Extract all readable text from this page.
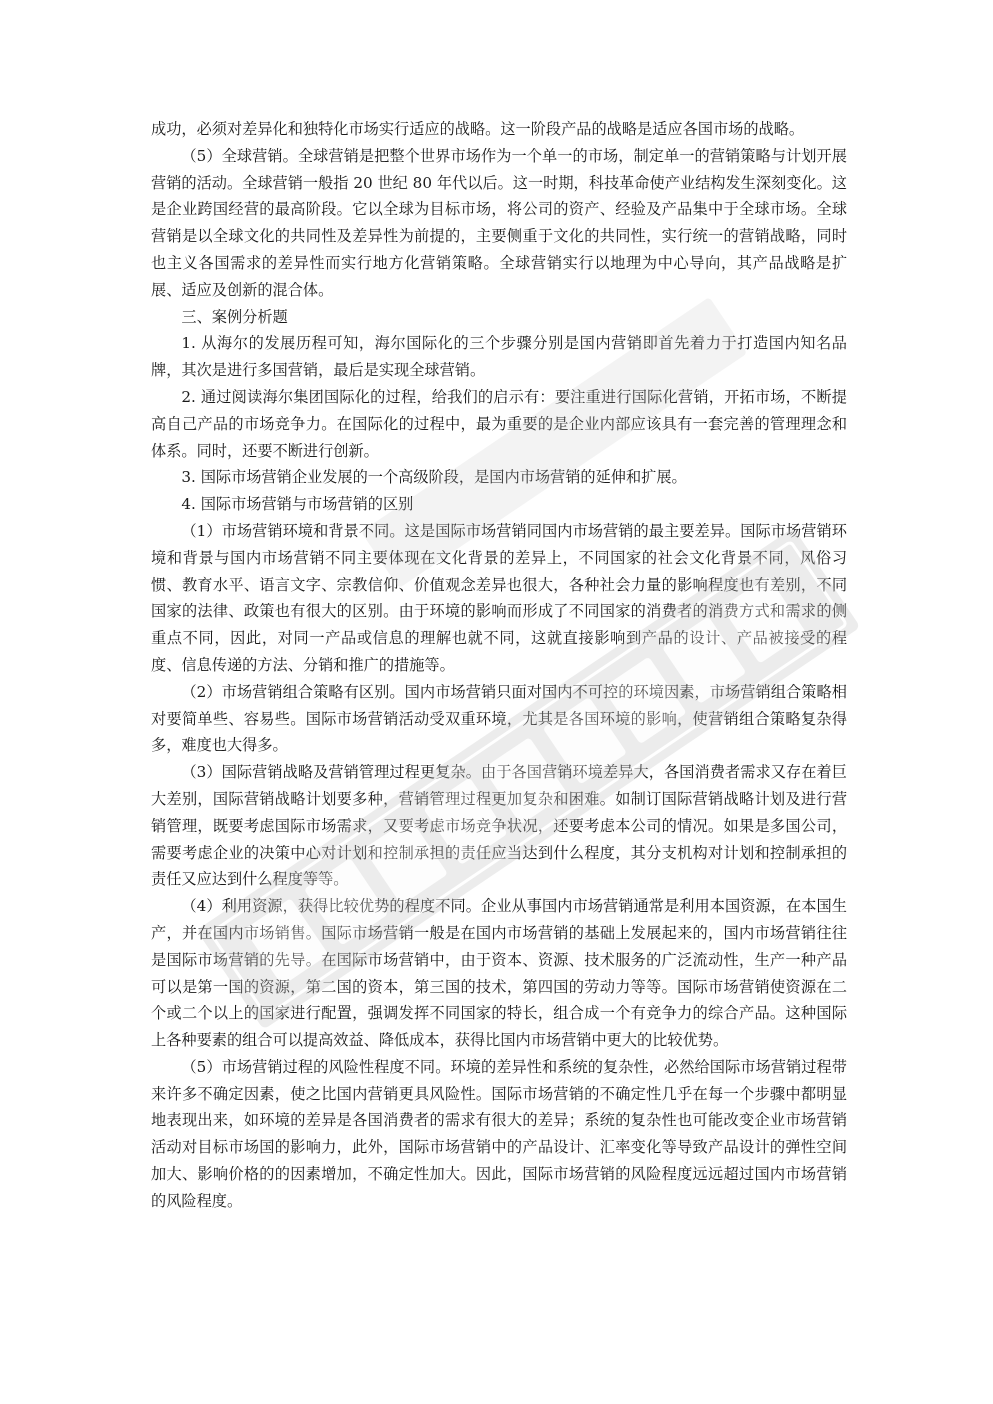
成功，必须对差异化和独特化市场实行适应的战略。这一阶段产品的战略是适应各国市场的战略。

（5）全球营销。全球营销是把整个世界市场作为一个单一的市场，制定单一的营销策略与计划开展营销的活动。全球营销一般指 20 世纪 80 年代以后。这一时期，科技革命使产业结构发生深刻变化。这是企业跨国经营的最高阶段。它以全球为目标市场，将公司的资产、经验及产品集中于全球市场。全球营销是以全球文化的共同性及差异性为前提的，主要侧重于文化的共同性，实行统一的营销战略，同时也主义各国需求的差异性而实行地方化营销策略。全球营销实行以地理为中心导向，其产品战略是扩展、适应及创新的混合体。

三、案例分析题

1. 从海尔的发展历程可知，海尔国际化的三个步骤分别是国内营销即首先着力于打造国内知名品牌，其次是进行多国营销，最后是实现全球营销。

2. 通过阅读海尔集团国际化的过程，给我们的启示有：要注重进行国际化营销，开拓市场，不断提高自己产品的市场竞争力。在国际化的过程中，最为重要的是企业内部应该具有一套完善的管理理念和体系。同时，还要不断进行创新。

3. 国际市场营销企业发展的一个高级阶段，是国内市场营销的延伸和扩展。

4. 国际市场营销与市场营销的区别

（1）市场营销环境和背景不同。这是国际市场营销同国内市场营销的最主要差异。国际市场营销环境和背景与国内市场营销不同主要体现在文化背景的差异上，不同国家的社会文化背景不同，风俗习惯、教育水平、语言文字、宗教信仰、价值观念差异也很大，各种社会力量的影响程度也有差别，不同国家的法律、政策也有很大的区别。由于环境的影响而形成了不同国家的消费者的消费方式和需求的侧重点不同，因此，对同一产品或信息的理解也就不同，这就直接影响到产品的设计、产品被接受的程度、信息传递的方法、分销和推广的措施等。

（2）市场营销组合策略有区别。国内市场营销只面对国内不可控的环境因素，市场营销组合策略相对要简单些、容易些。国际市场营销活动受双重环境，尤其是各国环境的影响，使营销组合策略复杂得多，难度也大得多。

（3）国际营销战略及营销管理过程更复杂。由于各国营销环境差异大，各国消费者需求又存在着巨大差别，国际营销战略计划要多种，营销管理过程更加复杂和困难。如制订国际营销战略计划及进行营销管理，既要考虑国际市场需求，又要考虑市场竞争状况，还要考虑本公司的情况。如果是多国公司，需要考虑企业的决策中心对计划和控制承担的责任应当达到什么程度，其分支机构对计划和控制承担的责任又应达到什么程度等等。

（4）利用资源，获得比较优势的程度不同。企业从事国内市场营销通常是利用本国资源，在本国生产，并在国内市场销售。国际市场营销一般是在国内市场营销的基础上发展起来的，国内市场营销往往是国际市场营销的先导。在国际市场营销中，由于资本、资源、技术服务的广泛流动性，生产一种产品可以是第一国的资源，第二国的资本，第三国的技术，第四国的劳动力等等。国际市场营销使资源在二个或二个以上的国家进行配置，强调发挥不同国家的特长，组合成一个有竞争力的综合产品。这种国际上各种要素的组合可以提高效益、降低成本，获得比国内市场营销中更大的比较优势。

（5）市场营销过程的风险性程度不同。环境的差异性和系统的复杂性，必然给国际市场营销过程带来许多不确定因素，使之比国内营销更具风险性。国际市场营销的不确定性几乎在每一个步骤中都明显地表现出来，如环境的差异是各国消费者的需求有很大的差异；系统的复杂性也可能改变企业市场营销活动对目标市场国的影响力，此外，国际市场营销中的产品设计、汇率变化等导致产品设计的弹性空间加大、影响价格的的因素增加，不确定性加大。因此，国际市场营销的风险程度远远超过国内市场营销的风险程度。
